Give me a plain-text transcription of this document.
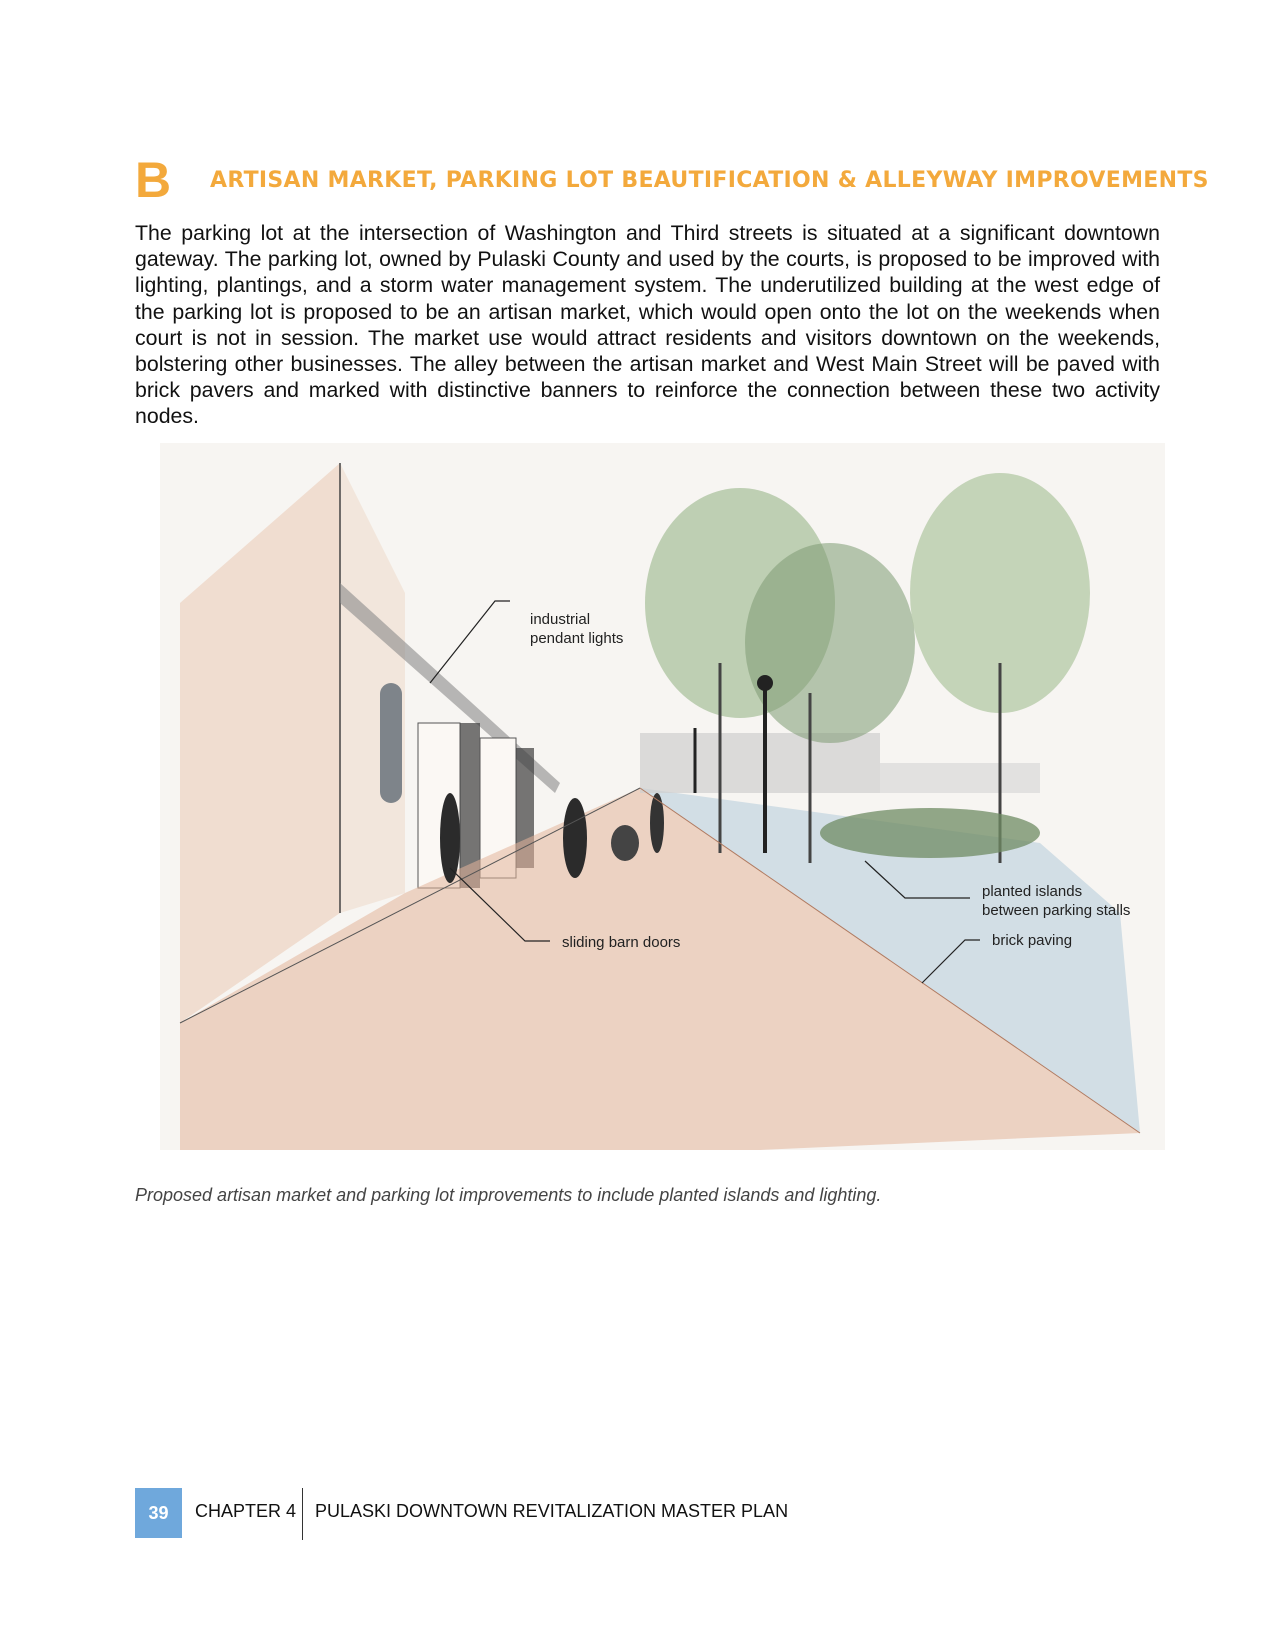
B ARTISAN MARKET, PARKING LOT BEAUTIFICATION & ALLEYWAY IMPROVEMENTS
The parking lot at the intersection of Washington and Third streets is situated at a significant downtown gateway. The parking lot, owned by Pulaski County and used by the courts, is proposed to be improved with lighting, plantings, and a storm water management system. The underutilized building at the west edge of the parking lot is proposed to be an artisan market, which would open onto the lot on the weekends when court is not in session. The market use would attract residents and visitors downtown on the weekends, bolstering other businesses. The alley between the artisan market and West Main Street will be paved with brick pavers and marked with distinctive banners to reinforce the connection between these two activity nodes.
industrial
pendant lights
sliding barn doors
planted islands
between parking stalls
brick paving
Proposed artisan market and parking lot improvements to include planted islands and lighting.
39	CHAPTER 4 PULASKI DOWNTOWN REVITALIZATION MASTER PLAN
